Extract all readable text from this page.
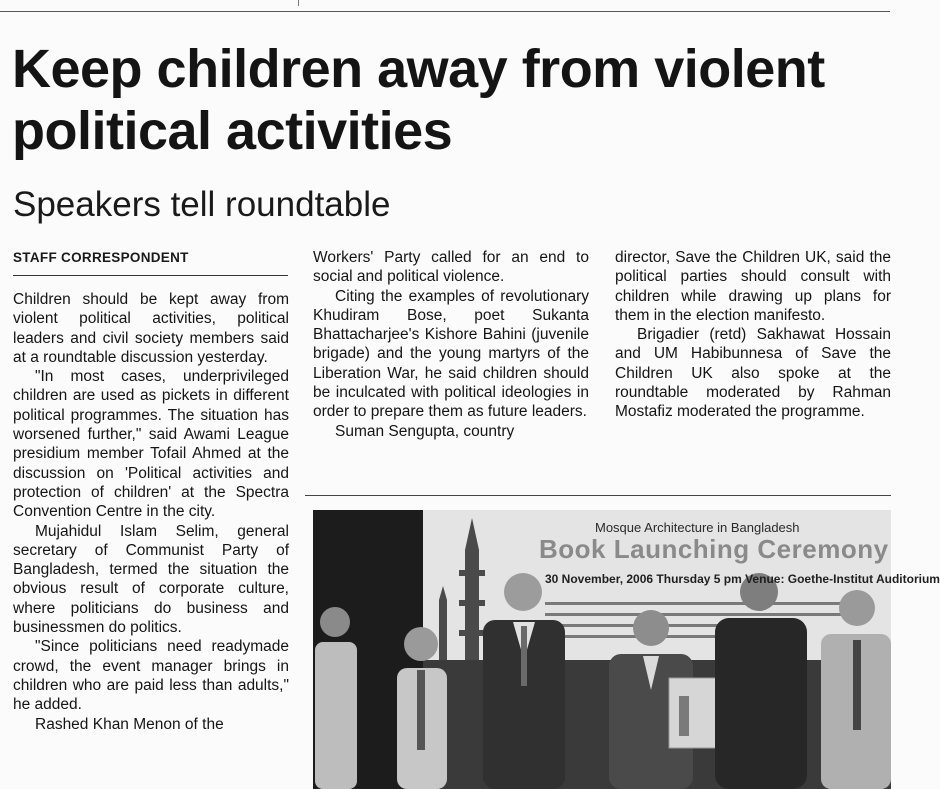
Keep children away from violent political activities
Speakers tell roundtable
STAFF CORRESPONDENT

Children should be kept away from violent political activities, political leaders and civil society members said at a roundtable discussion yesterday.

"In most cases, underprivileged children are used as pickets in different political programmes. The situation has worsened further," said Awami League presidium member Tofail Ahmed at the discussion on 'Political activities and protection of children' at the Spectra Convention Centre in the city.

Mujahidul Islam Selim, general secretary of Communist Party of Bangladesh, termed the situation the obvious result of corporate culture, where politicians do business and businessmen do politics.

"Since politicians need readymade crowd, the event manager brings in children who are paid less than adults," he added.

Rashed Khan Menon of the

Workers' Party called for an end to social and political violence.

Citing the examples of revolutionary Khudiram Bose, poet Sukanta Bhattacharjee's Kishore Bahini (juvenile brigade) and the young martyrs of the Liberation War, he said children should be inculcated with political ideologies in order to prepare them as future leaders.

Suman Sengupta, country

director, Save the Children UK, said the political parties should consult with children while drawing up plans for them in the election manifesto.

Brigadier (retd) Sakhawat Hossain and UM Habibunnesa of Save the Children UK also spoke at the roundtable moderated by Rahman Mostafiz moderated the programme.

Mosque Architecture in Bangladesh
Book Launching Ceremony
30 November, 2006 Thursday 5 pm Venue: Goethe-Institut Auditorium
